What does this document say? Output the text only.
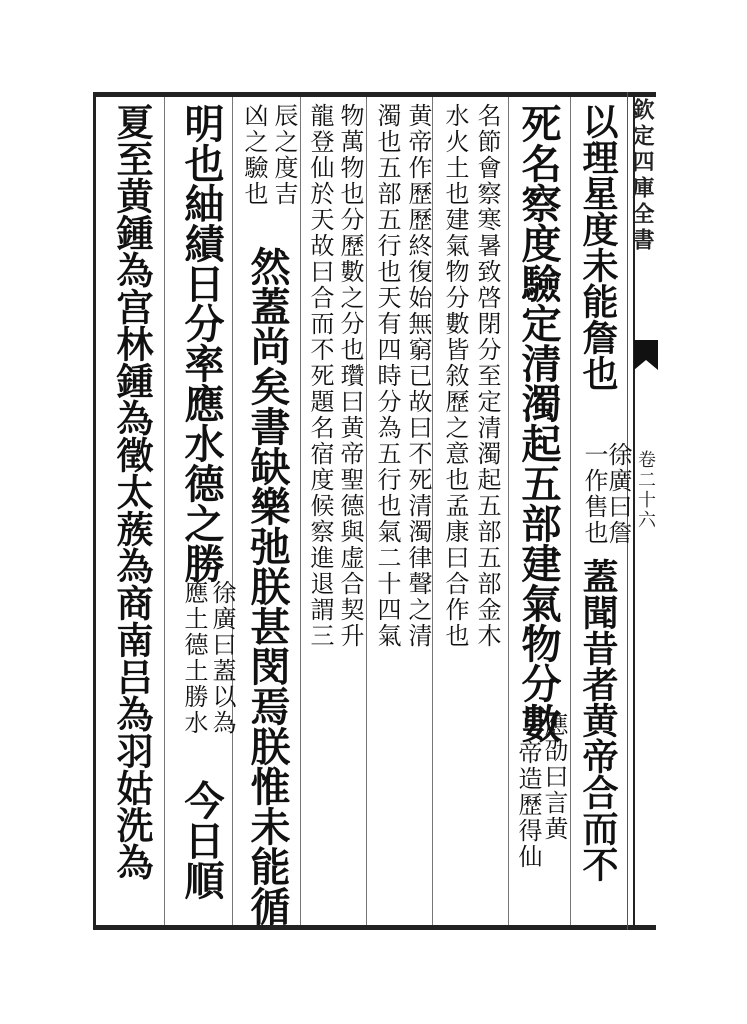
欽定四庫全書
卷二十六
以理星度未能詹也
徐廣曰詹
一作售也
蓋聞昔者黄帝合而不
死名察度驗定清濁起五部建氣物分數
應劭曰言黄
帝造歷得仙
名節會察寒暑致啓閉分至定清濁起五部五部金木
水火土也建氣物分數皆敘歷之意也孟康曰合作也
黄帝作歷歷終復始無窮已故曰不死清濁律聲之清
濁也五部五行也天有四時分為五行也氣二十四氣
物萬物也分歷數之分也瓚曰黄帝聖德與虚合契升
龍登仙於天故曰合而不死題名宿度候察進退謂三
辰之度吉
凶之驗也
然蓋尚矣書缺樂弛朕甚閔焉朕惟未能循
明也紬績日分率應水德之勝
徐廣曰蓋以為
應土德土勝水
今日順
夏至黄鍾為宫林鍾為徵太蔟為商南吕為羽姑洗為
